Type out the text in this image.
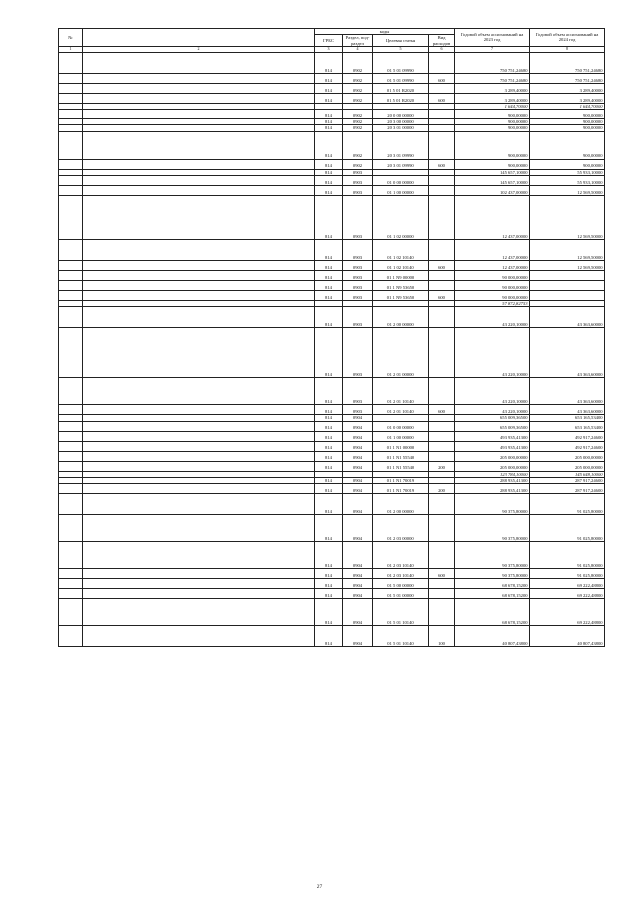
№		коды				Годовой объем ассигнований на 2023 год	Годовой объем ассигнований на 2024 год
		ГРБС	Раздел, под-раздел	Целевая статья	Вид расходов		
1	2	3	4	5	6	7	8
		814	0902	01 5 01 09990		750 751,24680	750 751,24680
		814	0902	01 5 01 09990	600	750 751,24680	750 751,24680
		814	0902	01 5 01 R2020		3 289,40000	3 289,40000
		814	0902	01 5 01 R2020	600	3 289,40000	3 289,40000
						1 644,70000	1 644,70000
		814	0902	20 0 00 00000		900,00000	900,00000
		814	0902	20 3 00 00000		900,00000	900,00000
		814	0902	20 3 01 00000		900,00000	900,00000
		814	0902	20 3 01 09990		900,00000	900,00000
		814	0902	20 3 01 09990	600	900,00000	900,00000
		814	0903			145 657,10000	55 933,10000
		814	0903	01 0 00 00000		145 657,10000	55 933,10000
		814	0903	01 1 00 00000		102 437,00000	12 569,50000
		814	0903	01 1 02 00000		12 437,00000	12 569,50000
		814	0903	01 1 02 10140		12 437,00000	12 569,50000
		814	0903	01 1 02 10140	600	12 437,00000	12 569,50000
		814	0903	01 1 N9 00000		90 000,00000	
		814	0903	01 1 N9 53650		90 000,00000	
		814	0903	01 1 N9 53650	600	90 000,00000	
						57 872,82753	
		814	0903	01 2 00 00000		43 220,10000	43 363,60000
		814	0903	01 2 01 00000		43 220,10000	43 363,60000
		814	0903	01 2 01 10140		43 220,10000	43 363,60000
		814	0903	01 2 01 10140	600	43 220,10000	43 363,60000
		814	0904			655 009,36500	653 165,53400
		814	0904	01 0 00 00000		655 009,36500	653 165,53400
		814	0904	01 1 00 00000		493 935,41300	492 917,24600
		814	0904	01 1 N1 00000		493 935,41300	492 917,24600
		814	0904	01 1 N1 55540		205 000,00000	205 000,00000
		814	0904	01 1 N1 55540	200	205 000,00000	205 000,00000
						123 784,10000	145 648,10000
		814	0904	01 1 N1 70019		288 935,41300	287 917,24600
		814	0904	01 1 N1 70019	200	288 935,41300	287 917,24600
		814	0904	01 2 00 00000		90 375,80000	91 025,80000
		814	0904	01 2 03 00000		90 375,80000	91 025,80000
		814	0904	01 2 03 10140		90 375,80000	91 025,80000
		814	0904	01 2 03 10140	600	90 375,80000	91 025,80000
		814	0904	01 5 00 00000		68 678,15200	69 222,48800
		814	0904	01 5 01 00000		68 678,15200	69 222,48800
		814	0904	01 5 01 10140		68 678,15200	69 222,48800
		814	0904	01 5 01 10140	100	40 807,43800	40 807,43800
27
